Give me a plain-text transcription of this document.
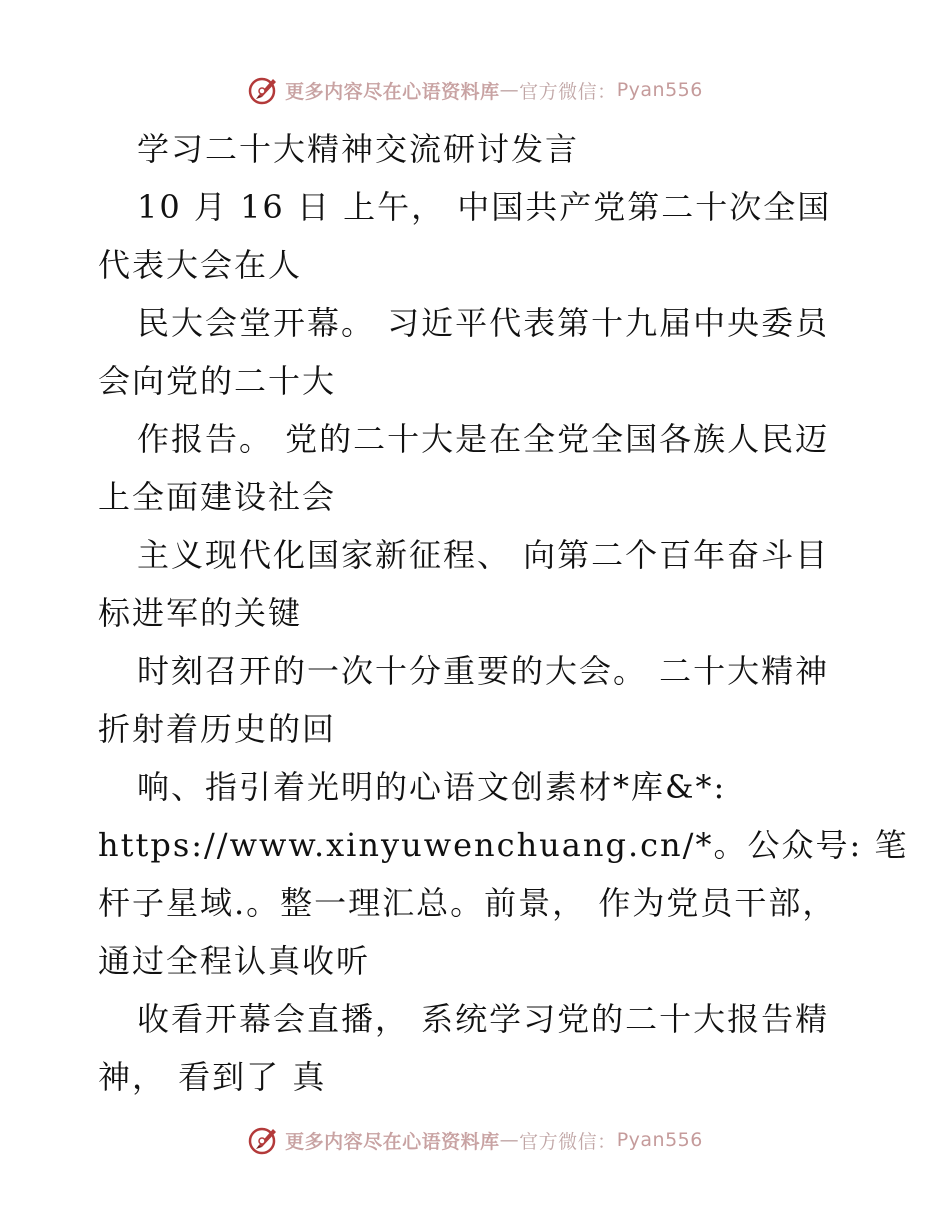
更多内容尽在心语资料库 — 官方微信： Pyan556
学习二十大精神交流研讨发言
10 月 16 日 上午， 中国共产党第二十次全国
代表大会在人
民大会堂开幕。 习近平代表第十九届中央委员
会向党的二十大
作报告。 党的二十大是在全党全国各族人民迈
上全面建设社会
主义现代化国家新征程、 向第二个百年奋斗目
标进军的关键
时刻召开的一次十分重要的大会。 二十大精神
折射着历史的回
响、指引着光明的心语文创素材*库&*:
https://www.xinyuwenchuang.cn/*。公众号: 笔
杆子星域.。整一理汇总。前景， 作为党员干部，
通过全程认真收听
收看开幕会直播， 系统学习党的二十大报告精
神， 看到了 真
更多内容尽在心语资料库 — 官方微信： Pyan556
